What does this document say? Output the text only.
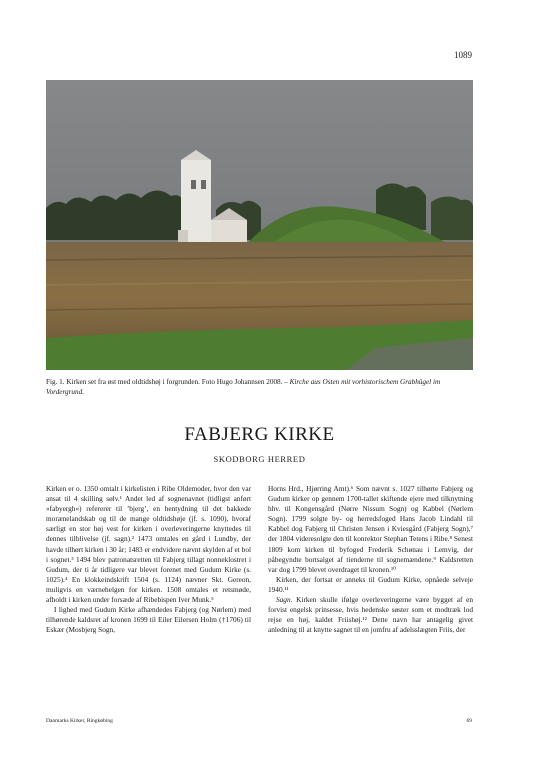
1089
Fig. 1. Kirken set fra øst med oldtidshøj i forgrunden. Foto Hugo Johannsen 2008. – Kirche aus Osten mit vorhistorischem Grabhügel im Vordergrund.
FABJERG KIRKE
SKODBORG HERRED

Kirken er o. 1350 omtalt i kirkelisten i Ribe Oldemoder, hvor den var ansat til 4 skilling sølv.¹ Andet led af sognenavnet (tidligst anført »fabyergh«) refererer til ’bjerg’, en hentydning til det bakkede morænelandskab og til de mange oldtidshøje (jf. s. 1090), hvoraf særligt en stor høj vest for kirken i overleveringerne knyttedes til dennes tilblivelse (jf. sagn).² 1473 omtales en gård i Lundby, der havde tilhørt kirken i 30 år; 1483 er endvidere nævnt skylden af et bol i sognet.³ 1494 blev patronatsretten til Fabjerg tillagt nonneklostret i Gudum, der ti år tidligere var blevet forenet med Gudum Kirke (s. 1025).⁴ En klokkeindskrift 1504 (s. 1124) nævner Skt. Gereon, muligvis en værnehelgen for kirken. 1508 omtales et retsmøde, afholdt i kirken under forsæde af Ribebispen Iver Munk.⁵

I lighed med Gudum Kirke afhændedes Fabjerg (og Nørlem) med tilhørende kaldsret af kronen 1699 til Eiler Eilersen Holm (†1706) til Eskær (Mosbjerg Sogn,

Horns Hrd., Hjørring Amt).⁶ Som nævnt s. 1027 tilhørte Fabjerg og Gudum kirker op gennem 1700-tallet skiftende ejere med tilknytning hhv. til Kongensgård (Nørre Nissum Sogn) og Kabbel (Nørlem Sogn). 1799 solgte by- og herredsfoged Hans Jacob Lindahl til Kabbel dog Fabjerg til Christen Jensen i Kviesgård (Fabjerg Sogn),⁷ der 1804 videresolgte den til konrektor Stephan Tetens i Ribe.⁸ Senest 1809 kom kirken til byfoged Frederik Schønau i Lemvig, der påbegyndte bortsalget af tienderne til sognemændene.⁹ Kaldsretten var dog 1799 blevet overdraget til kronen.¹⁰

Kirken, der fortsat er anneks til Gudum Kirke, opnåede selveje 1940.¹¹

Sagn. Kirken skulle ifølge overleveringerne være bygget af en forvist engelsk prinsesse, hvis hedenske søster som et modtræk lod rejse en høj, kaldet Friishøj.¹² Dette navn har antagelig givet anledning til at knytte sagnet til en jomfru af adelsslægten Friis, der

Danmarks Kirker, Ringkøbing	69
